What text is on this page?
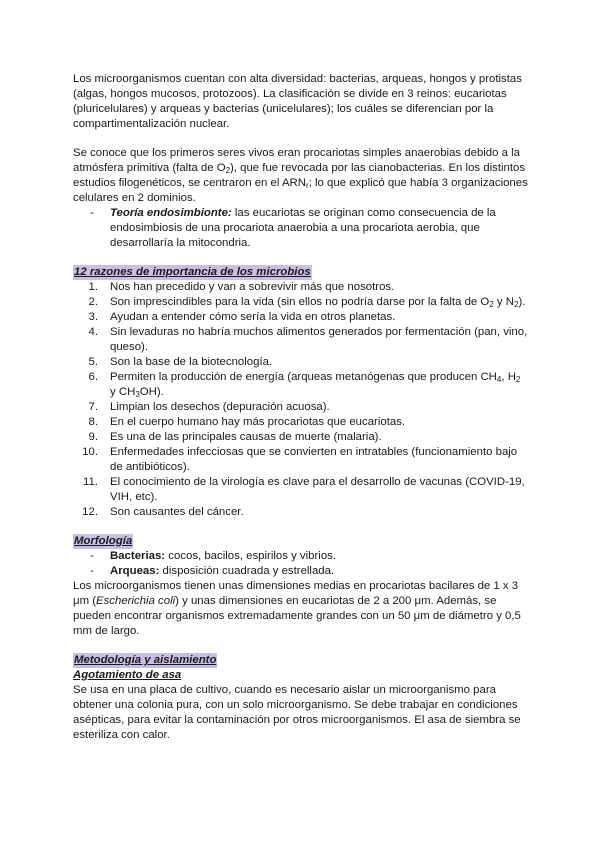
Los microorganismos cuentan con alta diversidad: bacterias, arqueas, hongos y protistas (algas, hongos mucosos, protozoos). La clasificación se divide en 3 reinos: eucariotas (pluricelulares) y arqueas y bacterias (unicelulares); los cuáles se diferencian por la compartimentalización nuclear.

Se conoce que los primeros seres vivos eran procariotas simples anaerobias debido a la atmósfera primitiva (falta de $O_2$), que fue revocada por las cianobacterias. En los distintos estudios filogenéticos, se centraron en el $ARN_r$; lo que explicó que había 3 organizaciones celulares en 2 dominios.

- Teoría endosimbionte: las eucariotas se originan como consecuencia de la endosimbiosis de una procariota anaerobia a una procariota aerobia, que desarrollaría la mitocondria.
12 razones de importancia de los microbios
1. Nos han precedido y van a sobrevivir más que nosotros.
2. Son imprescindibles para la vida (sin ellos no podría darse por la falta de $O_2$ y $N_2$).
3. Ayudan a entender cómo sería la vida en otros planetas.
4. Sin levaduras no habría muchos alimentos generados por fermentación (pan, vino, queso).
5. Son la base de la biotecnología.
6. Permiten la producción de energía (arqueas metanógenas que producen $CH_4$, $H_2$ y $CH_3OH$).
7. Limpian los desechos (depuración acuosa).
8. En el cuerpo humano hay más procariotas que eucariotas.
9. Es una de las principales causas de muerte (malaria).
10. Enfermedades infecciosas que se convierten en intratables (funcionamiento bajo de antibióticos).
11. El conocimiento de la virología es clave para el desarrollo de vacunas (COVID-19, VIH, etc).
12. Son causantes del cáncer.
Morfología
- Bacterias: cocos, bacilos, espirilos y vibrios.
- Arqueas: disposición cuadrada y estrellada.

Los microorganismos tienen unas dimensiones medias en procariotas bacilares de 1 x 3 μm (Escherichia coli) y unas dimensiones en eucariotas de 2 a 200 μm. Además, se pueden encontrar organismos extremadamente grandes con un 50 μm de diámetro y 0,5 mm de largo.

Metodología y aislamiento

Agotamiento de asa

Se usa en una placa de cultivo, cuando es necesario aislar un microorganismo para obtener una colonia pura, con un solo microorganismo. Se debe trabajar en condiciones asépticas, para evitar la contaminación por otros microorganismos. El asa de siembra se esteriliza con calor.
